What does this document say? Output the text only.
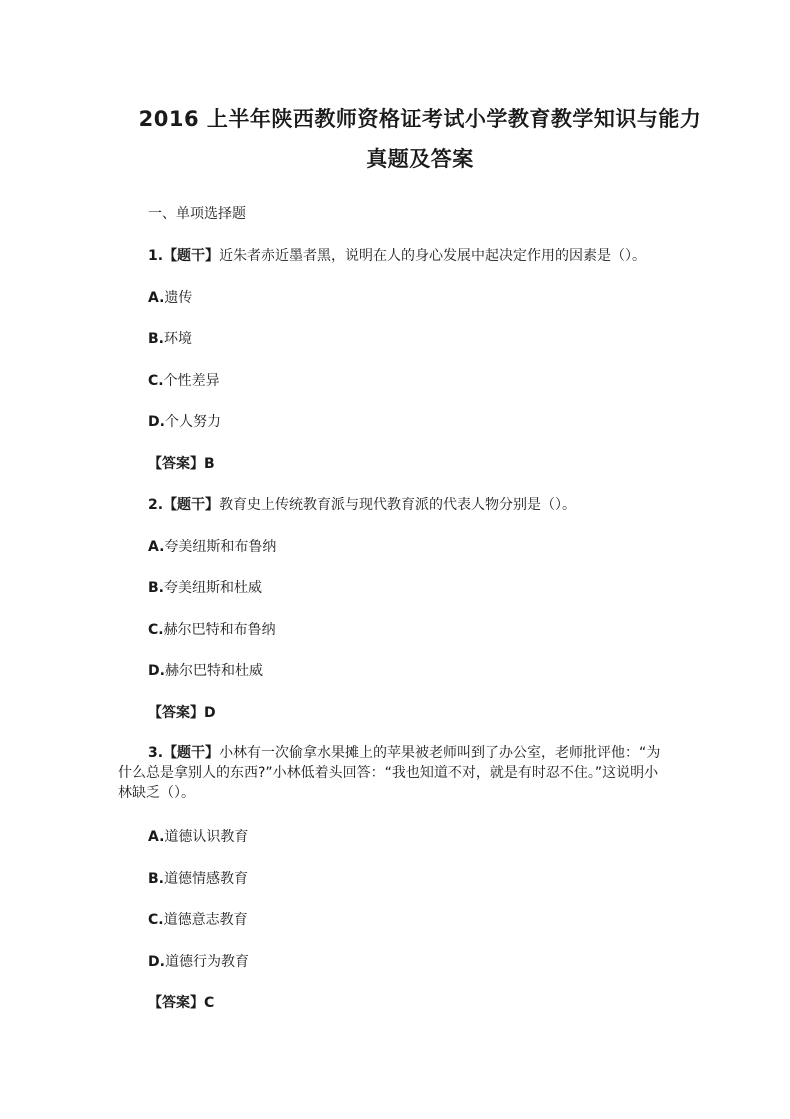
2016 上半年陕西教师资格证考试小学教育教学知识与能力
真题及答案
一、单项选择题
1.【题干】近朱者赤近墨者黑，说明在人的身心发展中起决定作用的因素是（）。
A.遗传
B.环境
C.个性差异
D.个人努力
【答案】B
2.【题干】教育史上传统教育派与现代教育派的代表人物分别是（）。
A.夸美纽斯和布鲁纳
B.夸美纽斯和杜威
C.赫尔巴特和布鲁纳
D.赫尔巴特和杜威
【答案】D
3.【题干】小林有一次偷拿水果摊上的苹果被老师叫到了办公室，老师批评他：“为什么总是拿别人的东西?”小林低着头回答：“我也知道不对，就是有时忍不住。”这说明小林缺乏（）。
A.道德认识教育
B.道德情感教育
C.道德意志教育
D.道德行为教育
【答案】C
